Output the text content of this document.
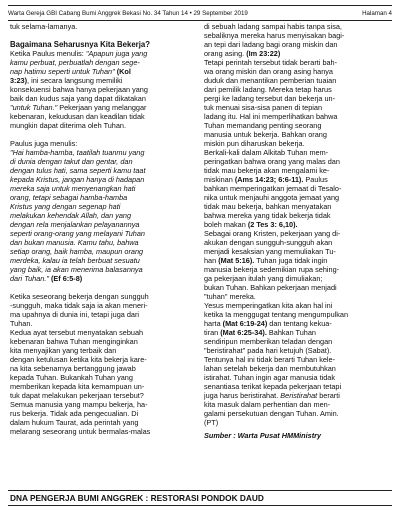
Warta Gereja GBI Cabang Bumi Anggrek Bekasi No. 34 Tahun 14 • 29 September 2019	Halaman 4

tuk selama-lamanya.

Bagaimana Seharusnya Kita Bekerja?

Ketika Paulus menulis: "Apapun juga yang

kamu perbuat, perbuatlah dengan sege-

nap hatimu seperti untuk Tuhan" (Kol

3:23), ini secara langsung memiliki

konsekuensi bahwa hanya pekerjaan yang

baik dan kudus saja yang dapat dikatakan

"untuk Tuhan." Pekerjaan yang melanggar

kebenaran, kekudusan dan keadilan tidak

mungkin dapat diterima oleh Tuhan.

Paulus juga menulis:

"Hai hamba-hamba, taatilah tuanmu yang

di dunia dengan takut dan gentar, dan

dengan tulus hati, sama seperti kamu taat

kepada Kristus, jangan hanya di hadapan

mereka saja untuk menyenangkan hati

orang, tetapi sebagai hamba-hamba

Kristus yang dengan segenap hati

melakukan kehendak Allah, dan yang

dengan rela menjalankan pelayanannya

seperti orang-orang yang melayani Tuhan

dan bukan manusia. Kamu tahu, bahwa

setiap orang, baik hamba, maupun orang

merdeka, kalau ia telah berbuat sesuatu

yang baik, ia akan menerima balasannya

dari Tuhan." (Ef 6:5-8)

Ketika seseorang bekerja dengan sungguh

-sungguh, maka tidak saja ia akan meneri-

ma upahnya di dunia ini, tetapi juga dari

Tuhan.

Kedua ayat tersebut menyatakan sebuah

kebenaran bahwa Tuhan menginginkan

kita menyajikan yang terbaik dan

dengan ketulusan ketika kita bekerja kare-

na kita sebenarnya bertanggung jawab

kepada Tuhan. Bukankah Tuhan yang

memberikan kepada kita kemampuan un-

tuk dapat melakukan pekerjaan tersebut?

Semua manusia yang mampu bekerja, ha-

rus bekerja. Tidak ada pengecualian. Di

dalam hukum Taurat, ada perintah yang

melarang seseorang untuk bermalas-malas

di sebuah ladang sampai habis tanpa sisa,

sebaliknya mereka harus menyisakan bagi-

an tepi dari ladang bagi orang miskin dan

orang asing. (Im 23:22)

Tetapi perintah tersebut tidak berarti bah-

wa orang miskin dan orang asing hanya

duduk dan menantikan pemberian tuaian

dari pemilik ladang. Mereka tetap harus

pergi ke ladang tersebut dan bekerja un-

tuk menuai sisa-sisa panen di tepian

ladang itu. Hal ini memperlihatkan bahwa

Tuhan memandang penting seorang

manusia untuk bekerja. Bahkan orang

miskin pun diharuskan bekerja.

Berkali-kali dalam Alkitab Tuhan mem-

peringatkan bahwa orang yang malas dan

tidak mau bekerja akan mengalami ke-

miskinan (Ams 14:23; 6:6-11). Paulus

bahkan memperingatkan jemaat di Tesalo-

nika untuk menjauhi anggota jemaat yang

tidak mau bekerja, bahkan menyatakan

bahwa mereka yang tidak bekerja tidak

boleh makan (2 Tes 3: 6,10).

Sebagai orang Kristen, pekerjaan yang di-

akukan dengan sungguh-sungguh akan

menjadi kesaksian yang memuliakan Tu-

han (Mat 5:16). Tuhan juga tidak ingin

manusia bekerja sedemikian rupa sehing-

ga pekerjaan itulah yang dimuliakan;

bukan Tuhan. Bahkan pekerjaan menjadi

"tuhan" mereka.

Yesus memperingatkan kita akan hal ini

ketika Ia menggugat tentang mengumpulkan

harta (Mat 6:19-24) dan tentang kekua-

tiran (Mat 6:25-34). Bahkan Tuhan

sendiripun memberikan teladan dengan

"beristirahat" pada hari ketujuh (Sabat).

Tentunya hal ini tidak berarti Tuhan kele-

lahan setelah bekerja dan membutuhkan

istirahat. Tuhan ingin agar manusia tidak

senantiasa terikat kepada pekerjaan tetapi

juga harus beristirahat. Beristirahat berarti

kita masuk dalam perhentian dan men-

galami persekutuan dengan Tuhan. Amin.

(PT)

Sumber : Warta Pusat HMMinistry

DNA PENGERJA BUMI ANGGREK : RESTORASI PONDOK DAUD
